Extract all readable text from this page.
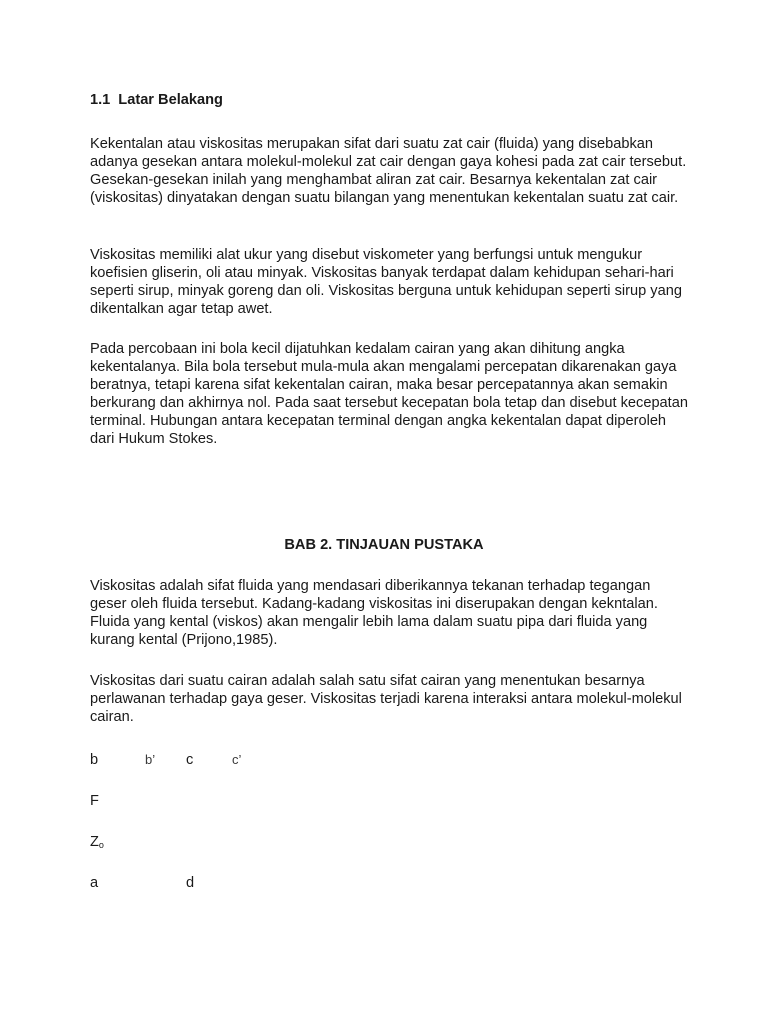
1.1 Latar Belakang

Kekentalan atau viskositas merupakan sifat dari suatu zat cair (fluida) yang disebabkan adanya gesekan antara molekul-molekul zat cair dengan gaya kohesi pada zat cair tersebut. Gesekan-gesekan inilah yang menghambat aliran zat cair. Besarnya kekentalan zat cair (viskositas) dinyatakan dengan suatu bilangan yang menentukan kekentalan suatu zat cair.

Viskositas memiliki alat ukur yang disebut viskometer yang berfungsi untuk mengukur koefisien gliserin, oli atau minyak. Viskositas banyak terdapat dalam kehidupan sehari-hari seperti sirup, minyak goreng dan oli. Viskositas berguna untuk kehidupan seperti sirup yang dikentalkan agar tetap awet.

Pada percobaan ini bola kecil dijatuhkan kedalam cairan yang akan dihitung angka kekentalanya. Bila bola tersebut mula-mula akan mengalami percepatan dikarenakan gaya beratnya, tetapi karena sifat kekentalan cairan, maka besar percepatannya akan semakin berkurang dan akhirnya nol. Pada saat tersebut kecepatan bola tetap dan disebut kecepatan terminal. Hubungan antara kecepatan terminal dengan angka kekentalan dapat diperoleh dari Hukum Stokes.

BAB 2. TINJAUAN PUSTAKA

Viskositas adalah sifat fluida yang mendasari diberikannya tekanan terhadap tegangan geser oleh fluida tersebut. Kadang-kadang viskositas ini diserupakan dengan kekntalan. Fluida yang kental (viskos) akan mengalir lebih lama dalam suatu pipa dari fluida yang kurang kental (Prijono,1985).

Viskositas dari suatu cairan adalah salah satu sifat cairan yang menentukan besarnya perlawanan terhadap gaya geser. Viskositas terjadi karena interaksi antara molekul-molekul cairan.

b	b’ c	c’
F
$Z_o$
a	d
